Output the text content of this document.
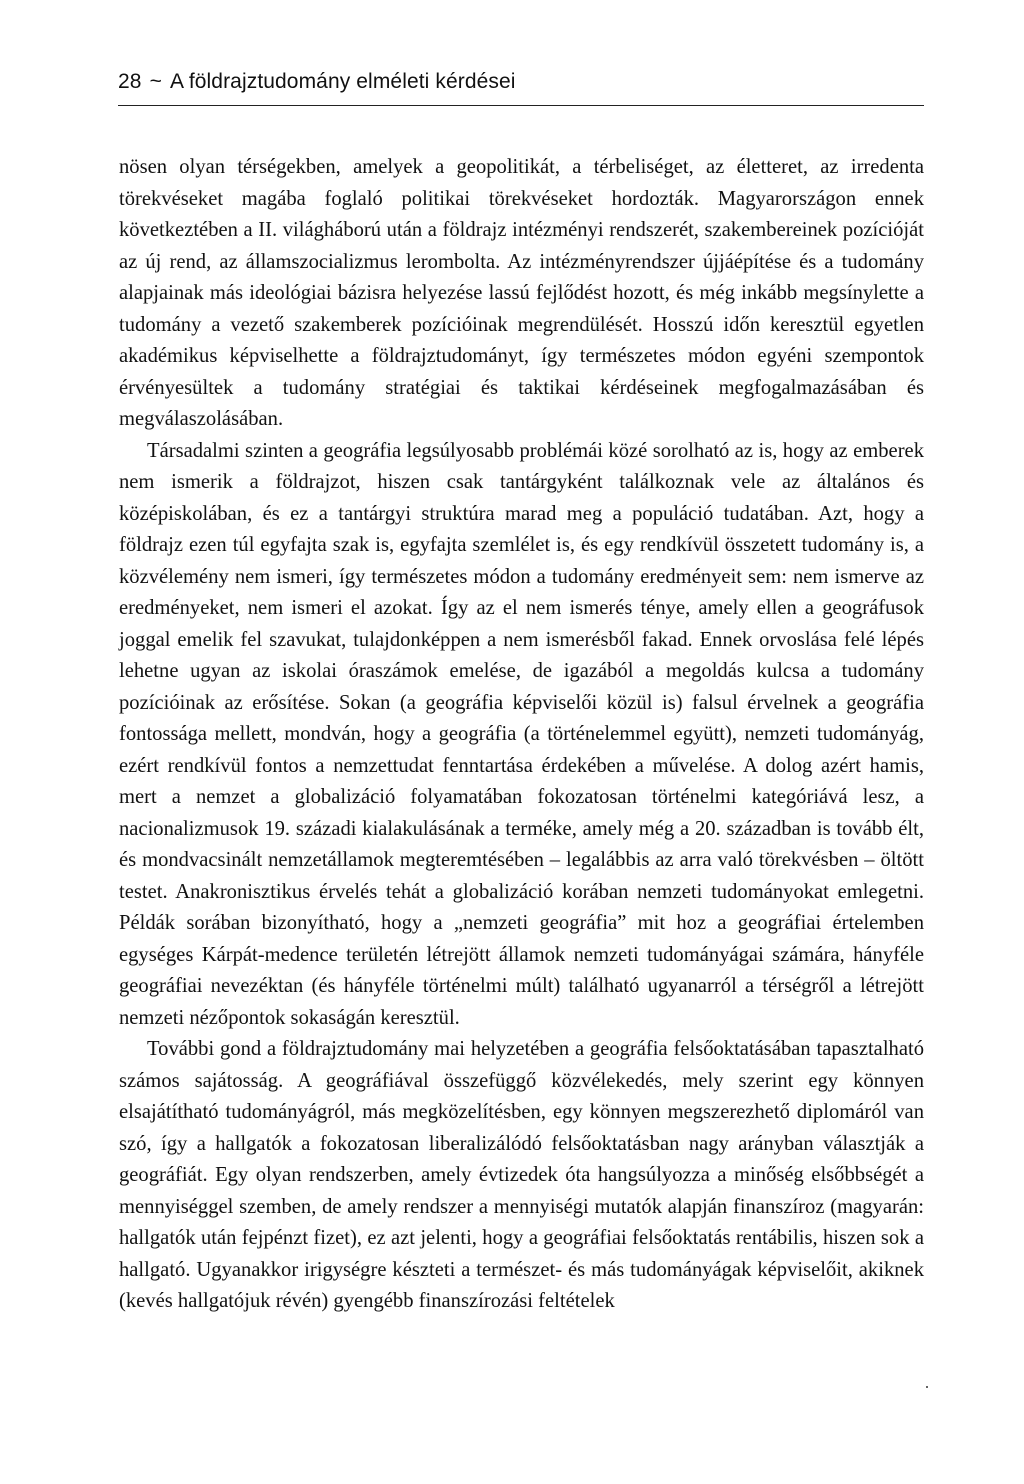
28 ~ A földrajztudomány elméleti kérdései

nösen olyan térségekben, amelyek a geopolitikát, a térbeliséget, az életteret, az irredenta törekvéseket magába foglaló politikai törekvéseket hordozták. Magyarországon ennek következtében a II. világháború után a földrajz intézményi rendszerét, szakembereinek pozícióját az új rend, az államszocializmus lerombolta. Az intézményrendszer újjáépítése és a tudomány alapjainak más ideológiai bázisra helyezése lassú fejlődést hozott, és még inkább megsínylette a tudomány a vezető szakemberek pozícióinak megrendülését. Hosszú időn keresztül egyetlen akadémikus képviselhette a földrajztudományt, így természetes módon egyéni szempontok érvényesültek a tudomány stratégiai és taktikai kérdéseinek megfogalmazásában és megválaszolásában.

Társadalmi szinten a geográfia legsúlyosabb problémái közé sorolható az is, hogy az emberek nem ismerik a földrajzot, hiszen csak tantárgyként találkoznak vele az általános és középiskolában, és ez a tantárgyi struktúra marad meg a populáció tudatában. Azt, hogy a földrajz ezen túl egyfajta szak is, egyfajta szemlélet is, és egy rendkívül összetett tudomány is, a közvélemény nem ismeri, így természetes módon a tudomány eredményeit sem: nem ismerve az eredményeket, nem ismeri el azokat. Így az el nem ismerés ténye, amely ellen a geográfusok joggal emelik fel szavukat, tulajdonképpen a nem ismerésből fakad. Ennek orvoslása felé lépés lehetne ugyan az iskolai óraszámok emelése, de igazából a megoldás kulcsa a tudomány pozícióinak az erősítése. Sokan (a geográfia képviselői közül is) falsul érvelnek a geográfia fontossága mellett, mondván, hogy a geográfia (a történelemmel együtt), nemzeti tudományág, ezért rendkívül fontos a nemzettudat fenntartása érdekében a művelése. A dolog azért hamis, mert a nemzet a globalizáció folyamatában fokozatosan történelmi kategóriává lesz, a nacionalizmusok 19. századi kialakulásának a terméke, amely még a 20. században is tovább élt, és mondvacsinált nemzetállamok megteremtésében – legalábbis az arra való törekvésben – öltött testet. Anakronisztikus érvelés tehát a globalizáció korában nemzeti tudományokat emlegetni. Példák sorában bizonyítható, hogy a „nemzeti geográfia” mit hoz a geográfiai értelemben egységes Kárpát-medence területén létrejött államok nemzeti tudományágai számára, hányféle geográfiai nevezéktan (és hányféle történelmi múlt) található ugyanarról a térségről a létrejött nemzeti nézőpontok sokaságán keresztül.

További gond a földrajztudomány mai helyzetében a geográfia felsőoktatásában tapasztalható számos sajátosság. A geográfiával összefüggő közvélekedés, mely szerint egy könnyen elsajátítható tudományágról, más megközelítésben, egy könnyen megszerezhető diplomáról van szó, így a hallgatók a fokozatosan liberalizálódó felsőoktatásban nagy arányban választják a geográfiát. Egy olyan rendszerben, amely évtizedek óta hangsúlyozza a minőség elsőbbségét a mennyiséggel szemben, de amely rendszer a mennyiségi mutatók alapján finanszíroz (magyarán: hallgatók után fejpénzt fizet), ez azt jelenti, hogy a geográfiai felsőoktatás rentábilis, hiszen sok a hallgató. Ugyanakkor irigységre készteti a természet- és más tudományágak képviselőit, akiknek (kevés hallgatójuk révén) gyengébb finanszírozási feltételek
